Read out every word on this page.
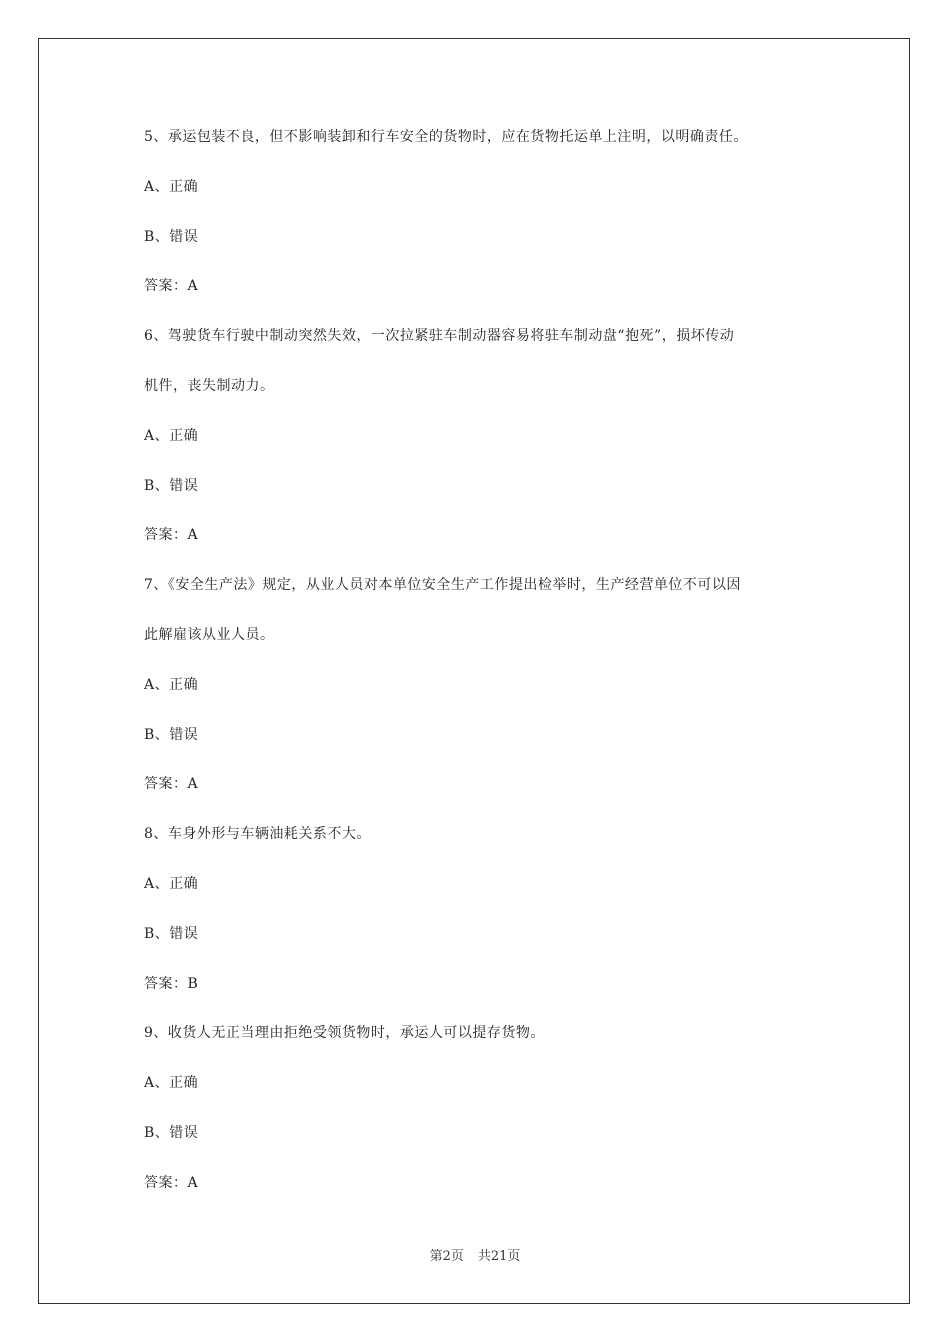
5、承运包装不良，但不影响装卸和行车安全的货物时，应在货物托运单上注明，以明确责任。

A、正确

B、错误

答案：A

6、驾驶货车行驶中制动突然失效，一次拉紧驻车制动器容易将驻车制动盘“抱死”，损坏传动

机件，丧失制动力。

A、正确

B、错误

答案：A

7、《安全生产法》规定，从业人员对本单位安全生产工作提出检举时，生产经营单位不可以因

此解雇该从业人员。

A、正确

B、错误

答案：A

8、车身外形与车辆油耗关系不大。

A、正确

B、错误

答案：B

9、收货人无正当理由拒绝受领货物时，承运人可以提存货物。

A、正确

B、错误

答案：A

第2页 共21页
